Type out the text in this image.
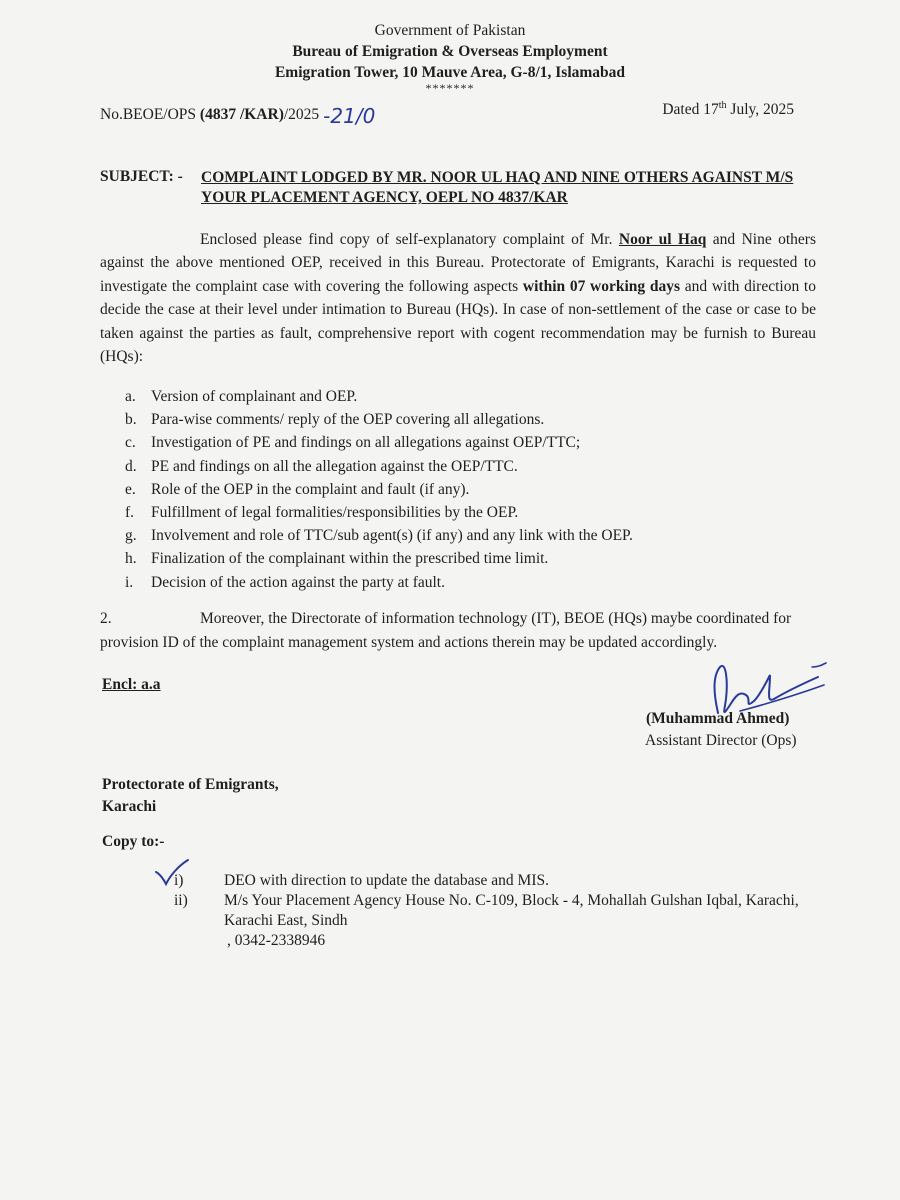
Government of Pakistan
Bureau of Emigration & Overseas Employment
Emigration Tower, 10 Mauve Area, G-8/1, Islamabad
*******
No.BEOE/OPS (4837 /KAR)/2025 -21/0	Dated 17th July, 2025
SUBJECT: - COMPLAINT LODGED BY MR. NOOR UL HAQ AND NINE OTHERS AGAINST M/S YOUR PLACEMENT AGENCY, OEPL NO 4837/KAR
Enclosed please find copy of self-explanatory complaint of Mr. Noor ul Haq and Nine others against the above mentioned OEP, received in this Bureau. Protectorate of Emigrants, Karachi is requested to investigate the complaint case with covering the following aspects within 07 working days and with direction to decide the case at their level under intimation to Bureau (HQs). In case of non-settlement of the case or case to be taken against the parties as fault, comprehensive report with cogent recommendation may be furnish to Bureau (HQs):
a. Version of complainant and OEP.
b. Para-wise comments/ reply of the OEP covering all allegations.
c. Investigation of PE and findings on all allegations against OEP/TTC;
d. PE and findings on all the allegation against the OEP/TTC.
e. Role of the OEP in the complaint and fault (if any).
f.	Fulfillment of legal formalities/responsibilities by the OEP.
g. Involvement and role of TTC/sub agent(s) (if any) and any link with the OEP.
h. Finalization of the complainant within the prescribed time limit.
i.	Decision of the action against the party at fault.
2.	Moreover, the Directorate of information technology (IT), BEOE (HQs) maybe coordinated for provision ID of the complaint management system and actions therein may be updated accordingly.
Encl: a.a
(Muhammad Ahmed)
Assistant Director (Ops)
Protectorate of Emigrants,
Karachi
Copy to:-
i)	DEO with direction to update the database and MIS.
ii)	M/s Your Placement Agency House No. C-109, Block - 4, Mohallah Gulshan Iqbal, Karachi, Karachi East, Sindh
, 0342-2338946
